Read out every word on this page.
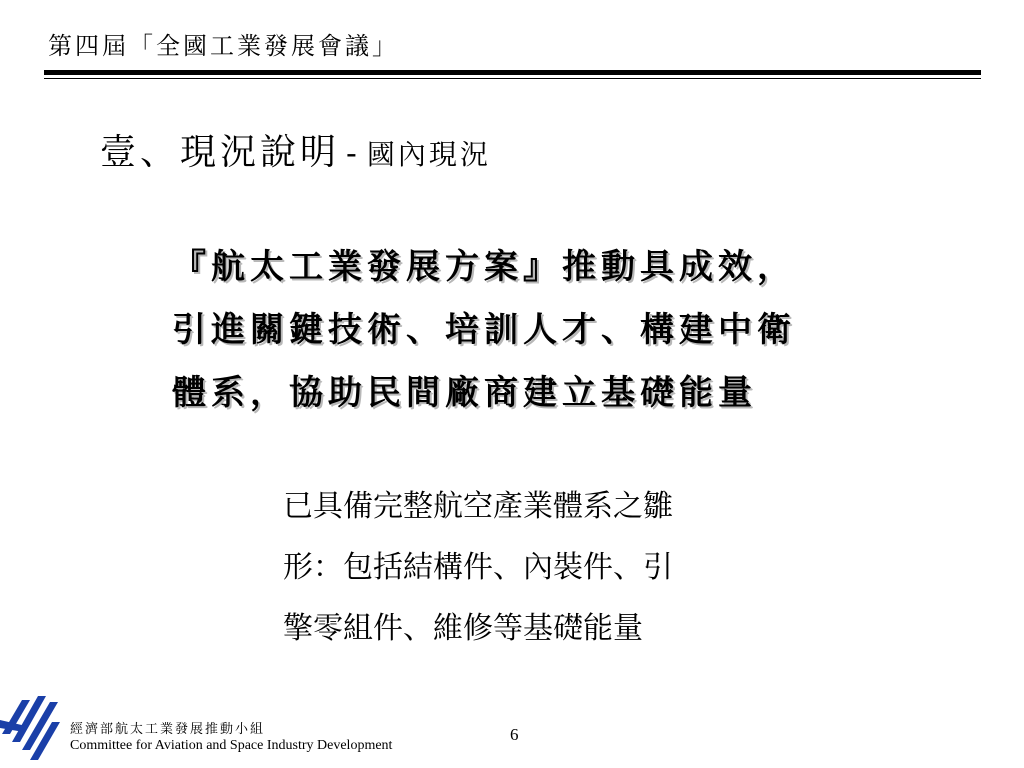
第四屆「全國工業發展會議」
壹、現況說明 - 國內現況
『航太工業發展方案』推動具成效，
引進關鍵技術、培訓人才、構建中衛
體系，協助民間廠商建立基礎能量
已具備完整航空產業體系之雛
形：包括結構件、內裝件、引
擎零組件、維修等基礎能量
經濟部航太工業發展推動小組
Committee for Aviation and Space Industry Development
6
